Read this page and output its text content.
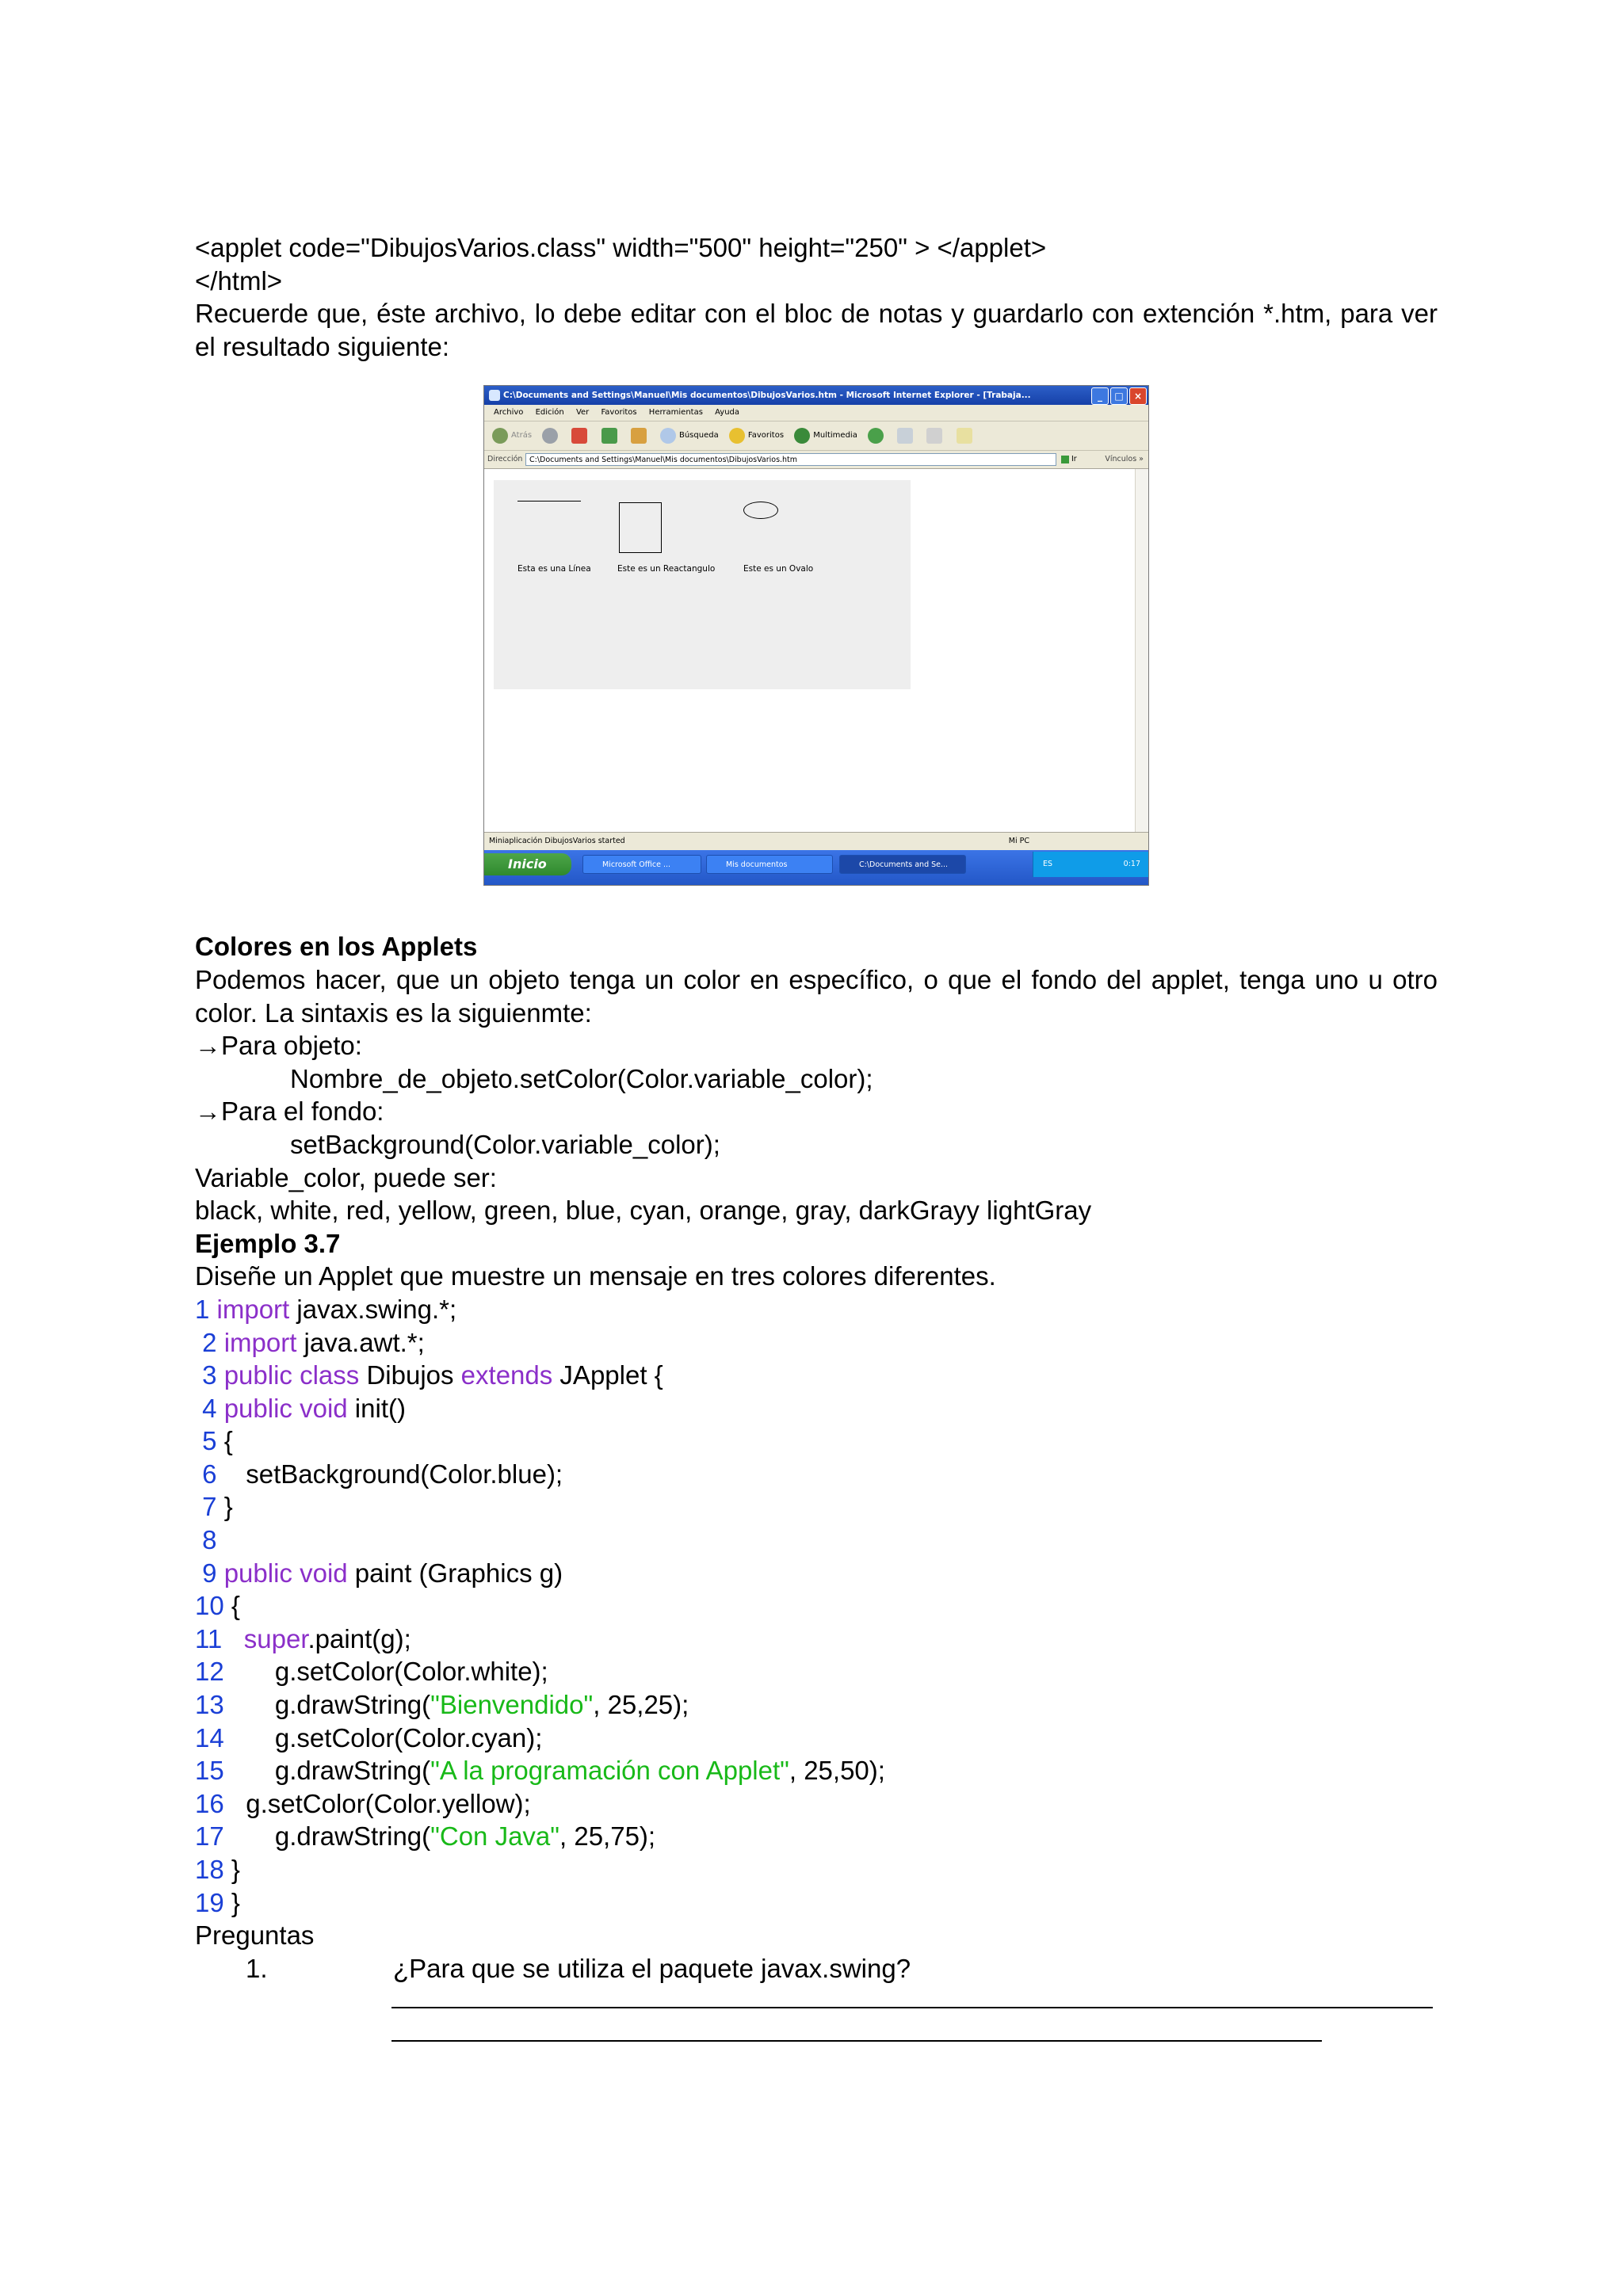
<applet code="DibujosVarios.class" width="500" height="250" > </applet>
</html>
Recuerde que, éste archivo, lo debe editar con el bloc de notas y guardarlo con extención *.htm, para ver el resultado siguiente:
C:\Documents and Settings\Manuel\Mis documentos\DibujosVarios.htm - Microsoft Internet Explorer - [Trabaja...	_	□	×
Archivo Edición Ver Favoritos Herramientas Ayuda
Atrás

	Búsqueda
	Favoritos
	Multimedia

Dirección C:\Documents and Settings\Manuel\Mis documentos\DibujosVarios.htm	Ir	Vínculos »
Esta es una Línea	Este es un Reactangulo	Este es un Ovalo
Miniaplicación DibujosVarios started	Mi PC
Inicio	Microsoft Office ...	Mis documentos	C:\Documents and Se...	ES	0:17
Colores en los Applets
Podemos hacer, que un objeto tenga un color en específico, o que el fondo del applet, tenga uno u otro color. La sintaxis es la siguienmte:
→Para objeto:
Nombre_de_objeto.setColor(Color.variable_color);
→Para el fondo:
setBackground(Color.variable_color);
Variable_color, puede ser:
black, white, red, yellow, green, blue, cyan, orange, gray, darkGrayy lightGray
Ejemplo 3.7
Diseñe un Applet que muestre un mensaje en tres colores diferentes.
1 import javax.swing.*;
2 import java.awt.*;
3 public class Dibujos extends JApplet {
4 public void init()
5 {
6 setBackground(Color.blue);
7 }
8
9 public void paint (Graphics g)
10 {
11 super.paint(g);
12 g.setColor(Color.white);
13 g.drawString("Bienvendido", 25,25);
14 g.setColor(Color.cyan);
15 g.drawString("A la programación con Applet", 25,50);
16 g.setColor(Color.yellow);
17 g.drawString("Con Java", 25,75);
18 }
19 }
Preguntas
1.	¿Para que se utiliza el paquete javax.swing?
